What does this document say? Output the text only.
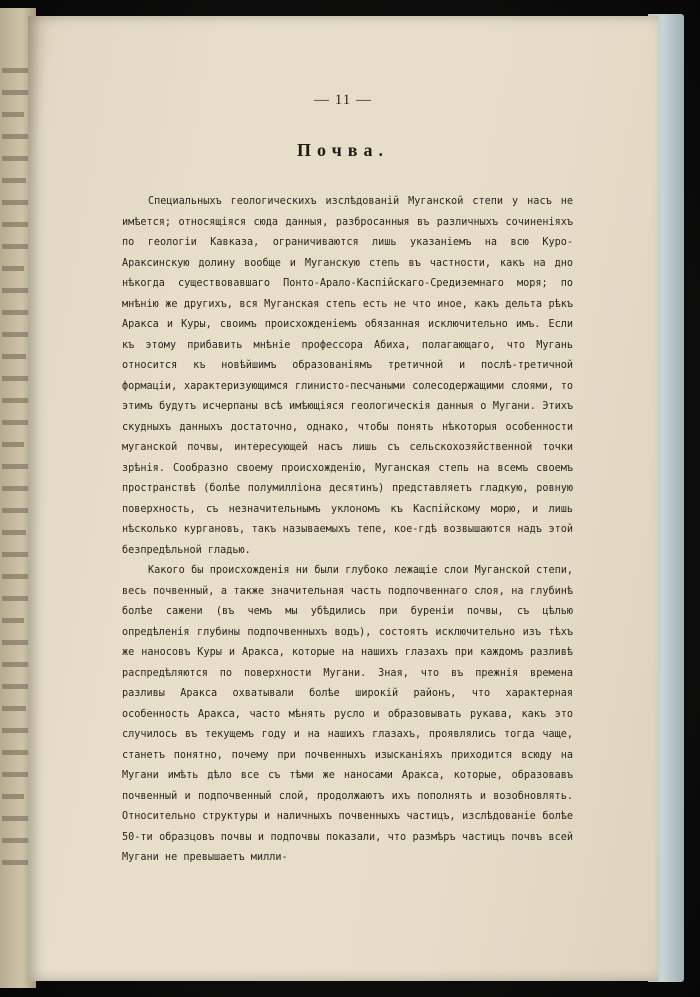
— 11 —
Почва.

Специальныхъ геологическихъ изслѣдованій Муганской степи у насъ не имѣется; относящіяся сюда данныя, разбросанныя въ различныхъ сочиненіяхъ по геологіи Кавказа, ограничиваются лишь указаніемъ на всю Куро-Араксинскую долину вообще и Муганскую степь въ частности, какъ на дно нѣкогда существовавшаго Понто-Арало-Каспійскаго-Средиземнаго моря; по мнѣнію же другихъ, вся Муганская степь есть не что иное, какъ дельта рѣкъ Аракса и Куры, своимъ происхожденіемъ обязанная исключительно имъ. Если къ этому прибавить мнѣніе профессора Абиха, полагающаго, что Мугань относится къ новѣйшимъ образованіямъ третичной и послѣ-третичной формаціи, характеризующимся глинисто-песчаными солесодержащими слоями, то этимъ будутъ исчерпаны всѣ имѣющіяся геологическія данныя о Мугани. Этихъ скудныхъ данныхъ достаточно, однако, чтобы понять нѣкоторыя особенности муганской почвы, интересующей насъ лишь съ сельскохозяйственной точки зрѣнія. Сообразно своему происхожденію, Муганская степь на всемъ своемъ пространствѣ (болѣе полумилліона десятинъ) представляетъ гладкую, ровную поверхность, съ незначительнымъ уклономъ къ Каспійскому морю, и лишь нѣсколько кургановъ, такъ называемыхъ тепе, кое-гдѣ возвышаются надъ этой безпредѣльной гладью.

Какого бы происхожденія ни были глубоко лежащіе слои Муганской степи, весь почвенный, а также значительная часть подпочвеннаго слоя, на глубинѣ болѣе сажени (въ чемъ мы убѣдились при буреніи почвы, съ цѣлью опредѣленія глубины подпочвенныхъ водъ), состоятъ исключительно изъ тѣхъ же наносовъ Куры и Аракса, которые на нашихъ глазахъ при каждомъ разливѣ распредѣляются по поверхности Мугани. Зная, что въ прежнія времена разливы Аракса охватывали болѣе широкій районъ, что характерная особенность Аракса, часто мѣнять русло и образовывать рукава, какъ это случилось въ текущемъ году и на нашихъ глазахъ, проявлялись тогда чаще, станетъ понятно, почему при почвенныхъ изысканіяхъ приходится всюду на Мугани имѣть дѣло все съ тѣми же наносами Аракса, которые, образовавъ почвенный и подпочвенный слой, продолжаютъ ихъ пополнять и возобновлять. Относительно структуры и наличныхъ почвенныхъ частицъ, изслѣдованіе болѣе 50-ти образцовъ почвы и подпочвы показали, что размѣръ частицъ почвъ всей Мугани не превышаетъ милли-
